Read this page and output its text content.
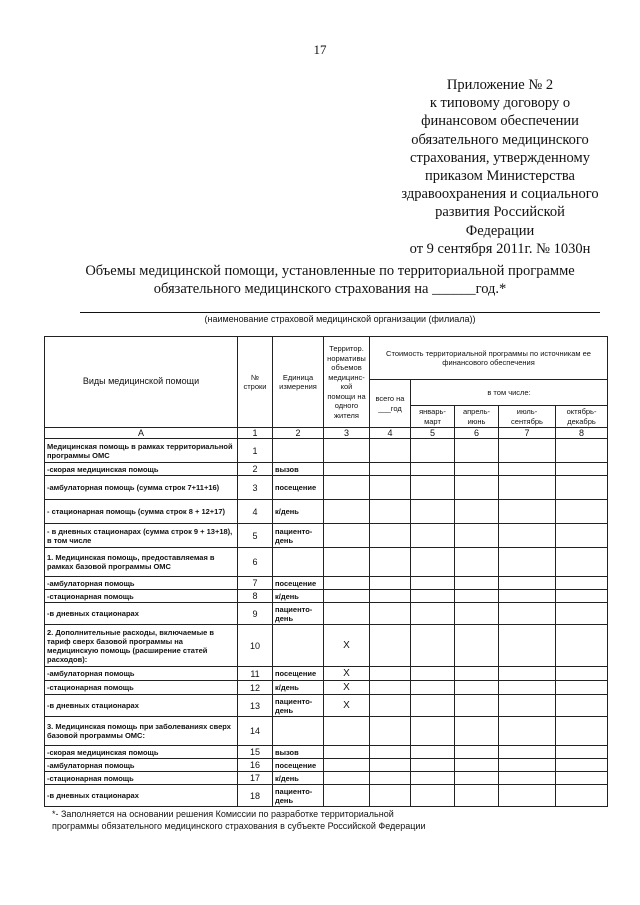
17
Приложение № 2
к типовому договору о
финансовом обеспечении
обязательного медицинского
страхования, утвержденному
приказом Министерства
здравоохранения и социального
развития Российской
Федерации
от 9 сентября 2011г. № 1030н
Объемы медицинской помощи, установленные по территориальной программе
обязательного медицинского страхования на ______год.*
(наименование страховой медицинской организации (филиала))
Виды медицинской помощи	№ строки	Единица измерения	Территор. нормативы объемов медицинс-кой помощи на одного жителя	Стоимость территориальной программы по источникам ее финансового обеспечения				
				всего на ___год	в том числе:			
					январь-март	апрель-июнь	июль-сентябрь	октябрь-декабрь
А	1	2	3	4	5	6	7	8
Медицинская помощь в рамках территориальной программы ОМС	1							
-скорая медицинская помощь	2	вызов						
-амбулаторная помощь (сумма строк 7+11+16)	3	посещение						
- стационарная помощь (сумма строк 8 + 12+17)	4	к/день						
- в дневных стационарах (сумма строк 9 + 13+18), в том числе	5	пациенто-день						
1. Медицинская помощь, предоставляемая в рамках базовой программы ОМС	6							
-амбулаторная помощь	7	посещение						
-стационарная помощь	8	к/день						
-в дневных стационарах	9	пациенто-день						
2. Дополнительные расходы, включаемые в тариф сверх базовой программы на медицинскую помощь (расширение статей расходов):	10		X					
-амбулаторная помощь	11	посещение	X					
-стационарная помощь	12	к/день	X					
-в дневных стационарах	13	пациенто-день	X					
3. Медицинская помощь при заболеваниях сверх базовой программы ОМС:	14							
-скорая медицинская помощь	15	вызов						
-амбулаторная помощь	16	посещение						
-стационарная помощь	17	к/день						
-в дневных стационарах	18	пациенто-день						
*- Заполняется на основании решения Комиссии по разработке территориальной
программы обязательного медицинского страхования в субъекте Российской Федерации
